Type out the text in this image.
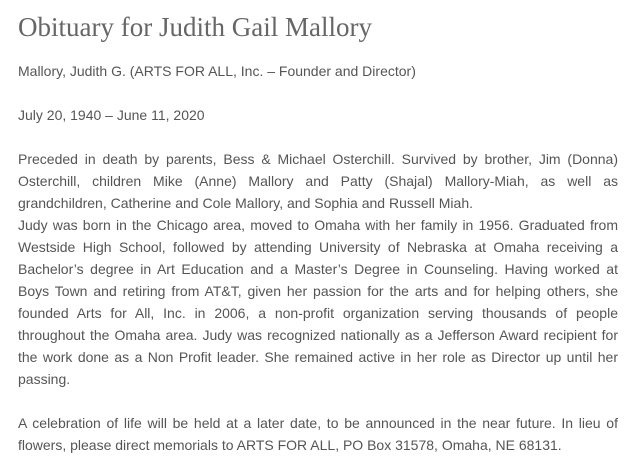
Obituary for Judith Gail Mallory

Mallory, Judith G. (ARTS FOR ALL, Inc. – Founder and Director)

July 20, 1940 – June 11, 2020

Preceded in death by parents, Bess & Michael Osterchill. Survived by brother, Jim (Donna) Osterchill, children Mike (Anne) Mallory and Patty (Shajal) Mallory-Miah, as well as grandchildren, Catherine and Cole Mallory, and Sophia and Russell Miah.

Judy was born in the Chicago area, moved to Omaha with her family in 1956. Graduated from Westside High School, followed by attending University of Nebraska at Omaha receiving a Bachelor’s degree in Art Education and a Master’s Degree in Counseling. Having worked at Boys Town and retiring from AT&T, given her passion for the arts and for helping others, she founded Arts for All, Inc. in 2006, a non-profit organization serving thousands of people throughout the Omaha area. Judy was recognized nationally as a Jefferson Award recipient for the work done as a Non Profit leader. She remained active in her role as Director up until her passing.

A celebration of life will be held at a later date, to be announced in the near future. In lieu of flowers, please direct memorials to ARTS FOR ALL, PO Box 31578, Omaha, NE 68131.
